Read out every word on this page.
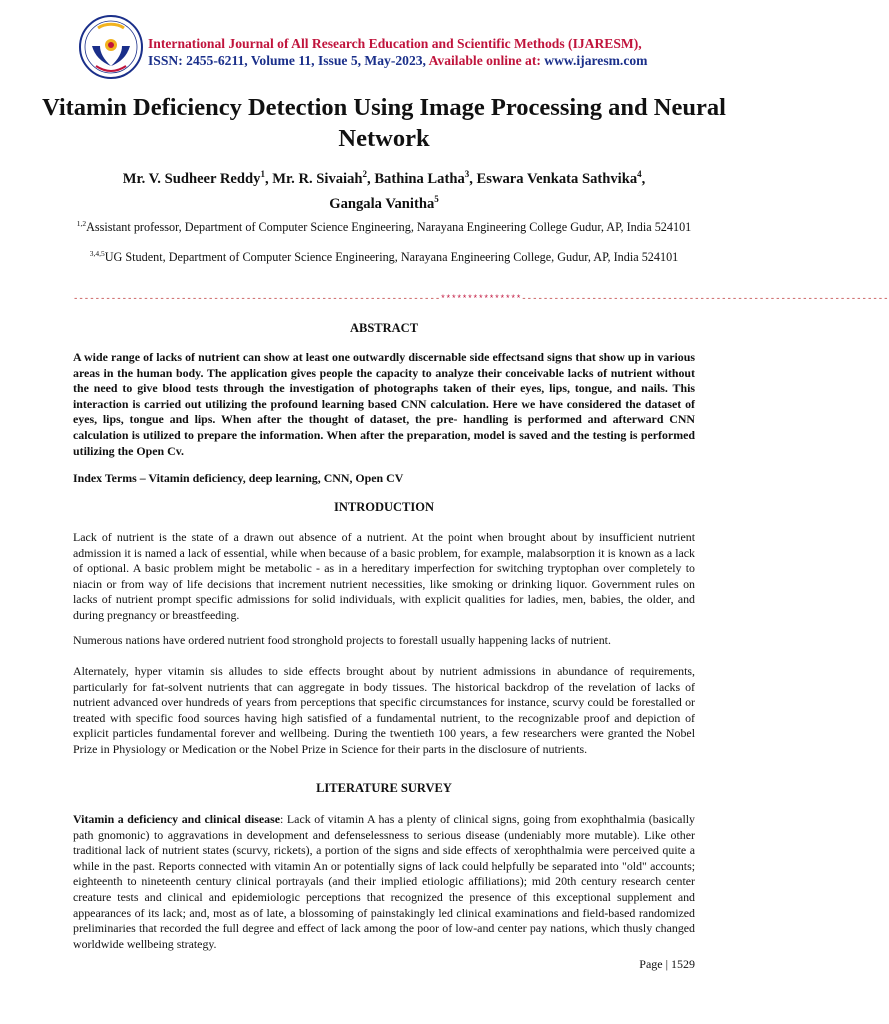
International Journal of All Research Education and Scientific Methods (IJARESM),
ISSN: 2455-6211, Volume 11, Issue 5, May-2023, Available online at: www.ijaresm.com
Vitamin Deficiency Detection Using Image Processing and Neural Network
Mr. V. Sudheer Reddy$^1$, Mr. R. Sivaiah$^2$, Bathina Latha$^3$, Eswara Venkata Sathvika$^4$,
Gangala Vanitha$^5$
$^{1,2}$Assistant professor, Department of Computer Science Engineering, Narayana Engineering College Gudur, AP, India 524101
$^{3,4,5}$UG Student, Department of Computer Science Engineering, Narayana Engineering College, Gudur, AP, India 524101
--------------------------------------------------------------------***************--------------------------------------------------------------------
ABSTRACT
A wide range of lacks of nutrient can show at least one outwardly discernable side effectsand signs that show up in various areas in the human body. The application gives people the capacity to analyze their conceivable lacks of nutrient without the need to give blood tests through the investigation of photographs taken of their eyes, lips, tongue, and nails. This interaction is carried out utilizing the profound learning based CNN calculation. Here we have considered the dataset of eyes, lips, tongue and lips. When after the thought of dataset, the pre- handling is performed and afterward CNN calculation is utilized to prepare the information. When after the preparation, model is saved and the testing is performed utilizing the Open Cv.
Index Terms – Vitamin deficiency, deep learning, CNN, Open CV
INTRODUCTION
Lack of nutrient is the state of a drawn out absence of a nutrient. At the point when brought about by insufficient nutrient admission it is named a lack of essential, while when because of a basic problem, for example, malabsorption it is known as a lack of optional. A basic problem might be metabolic - as in a hereditary imperfection for switching tryptophan over completely to niacin or from way of life decisions that increment nutrient necessities, like smoking or drinking liquor. Government rules on lacks of nutrient prompt specific admissions for solid individuals, with explicit qualities for ladies, men, babies, the older, and during pregnancy or breastfeeding.
Numerous nations have ordered nutrient food stronghold projects to forestall usually happening lacks of nutrient.
Alternately, hyper vitamin sis alludes to side effects brought about by nutrient admissions in abundance of requirements, particularly for fat-solvent nutrients that can aggregate in body tissues. The historical backdrop of the revelation of lacks of nutrient advanced over hundreds of years from perceptions that specific circumstances for instance, scurvy could be forestalled or treated with specific food sources having high satisfied of a fundamental nutrient, to the recognizable proof and depiction of explicit particles fundamental forever and wellbeing. During the twentieth 100 years, a few researchers were granted the Nobel Prize in Physiology or Medication or the Nobel Prize in Science for their parts in the disclosure of nutrients.
LITERATURE SURVEY
Vitamin a deficiency and clinical disease: Lack of vitamin A has a plenty of clinical signs, going from exophthalmia (basically path gnomonic) to aggravations in development and defenselessness to serious disease (undeniably more mutable). Like other traditional lack of nutrient states (scurvy, rickets), a portion of the signs and side effects of xerophthalmia were perceived quite a while in the past. Reports connected with vitamin An or potentially signs of lack could helpfully be separated into "old" accounts; eighteenth to nineteenth century clinical portrayals (and their implied etiologic affiliations); mid 20th century research center creature tests and clinical and epidemiologic perceptions that recognized the presence of this exceptional supplement and appearances of its lack; and, most as of late, a blossoming of painstakingly led clinical examinations and field-based randomized preliminaries that recorded the full degree and effect of lack among the poor of low-and center pay nations, which thusly changed worldwide wellbeing strategy.
Page | 1529
